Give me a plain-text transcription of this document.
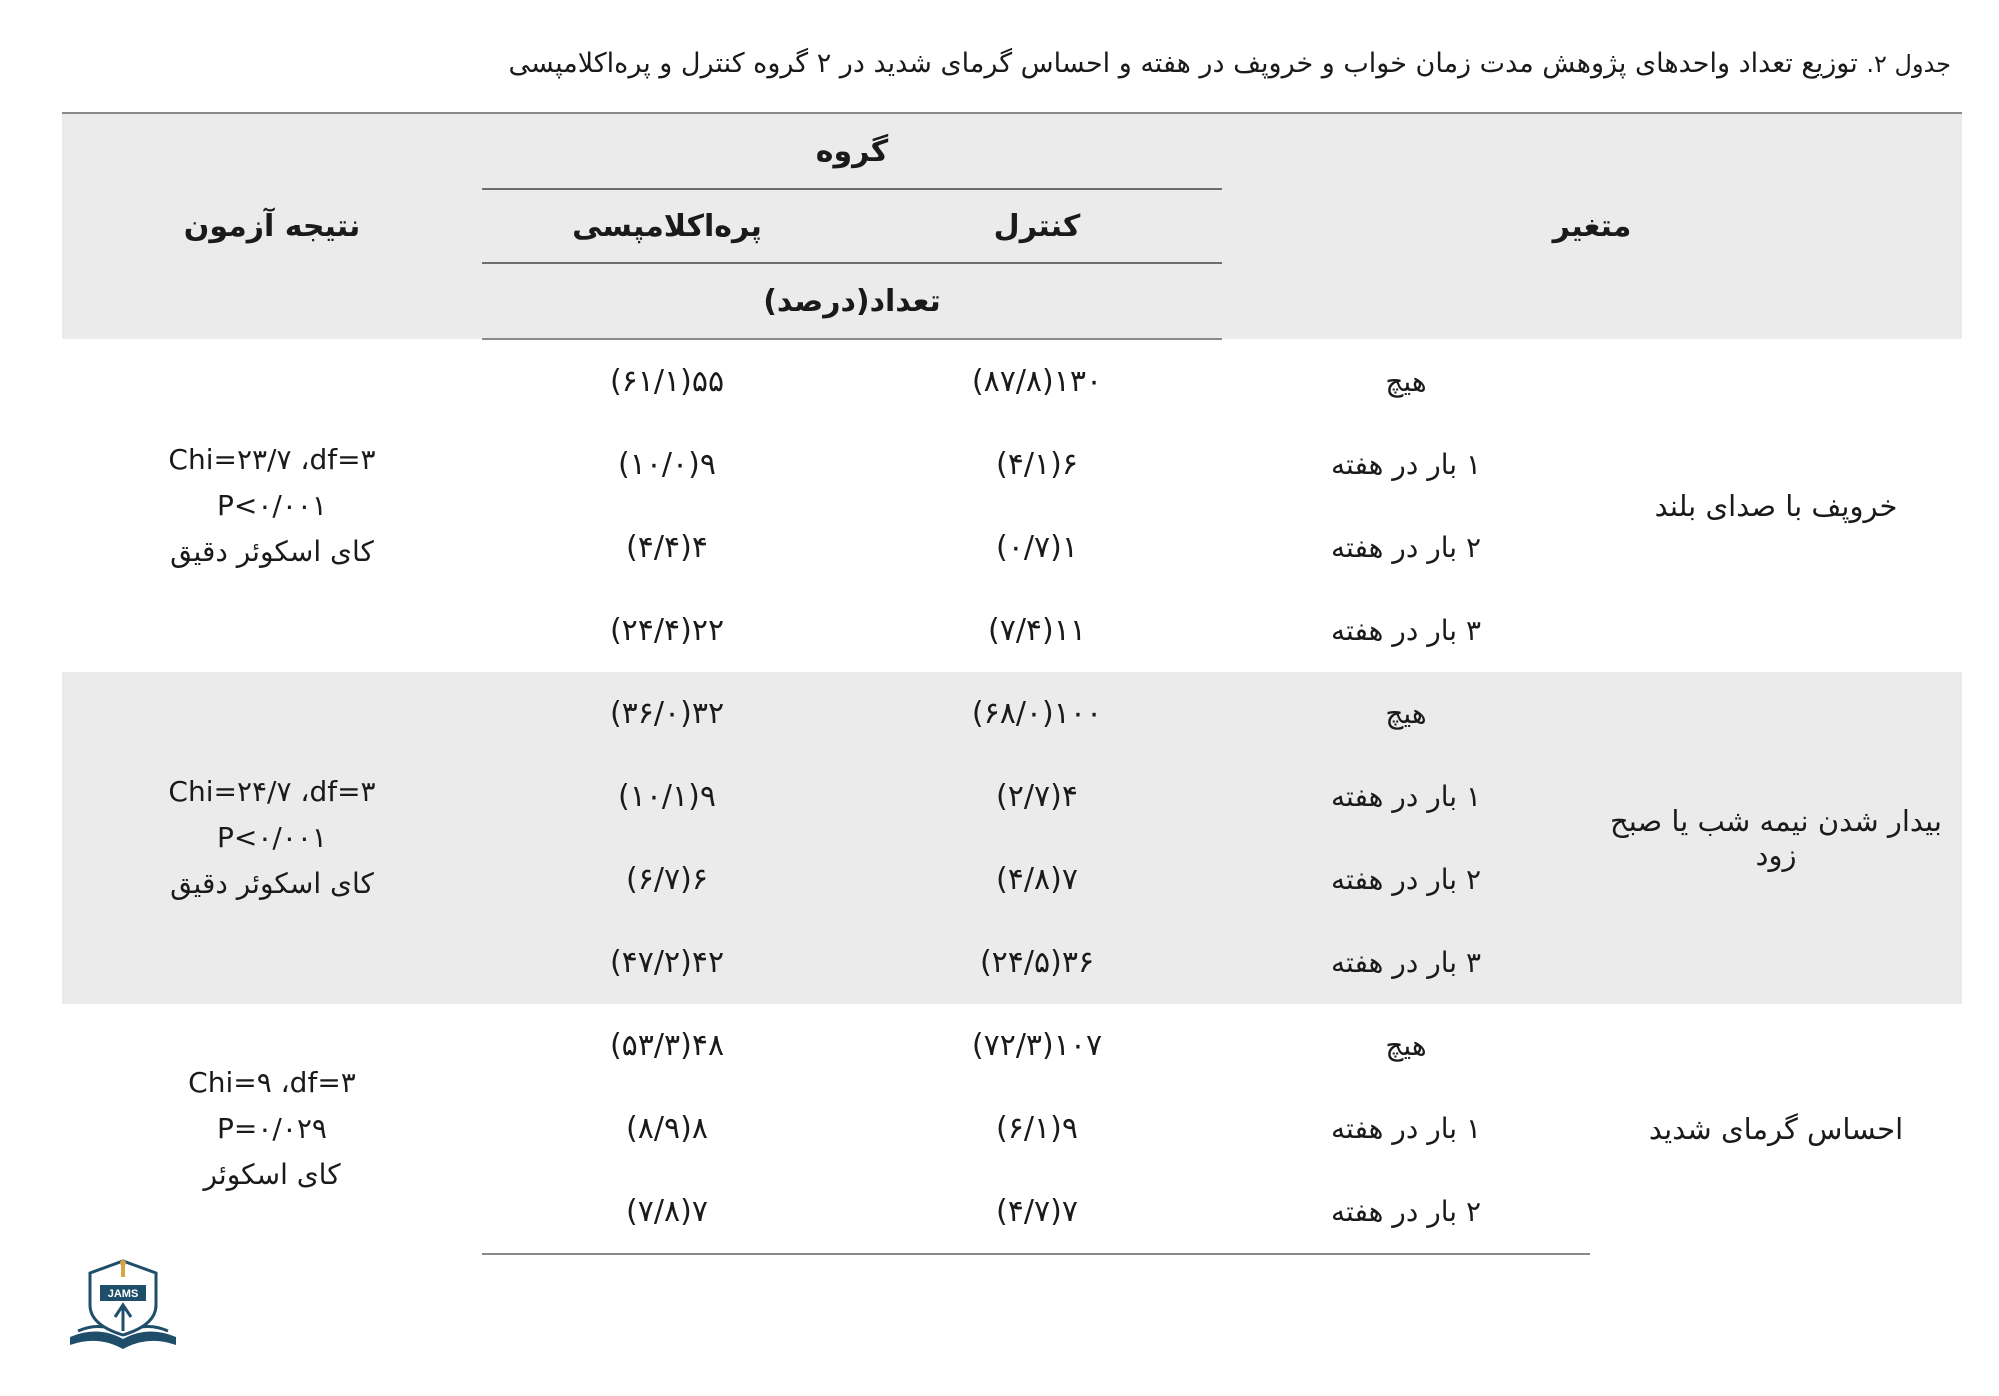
جدول ۲. توزیع تعداد واحدهای پژوهش مدت زمان خواب و خروپف در هفته و احساس گرمای شدید در ۲ گروه کنترل و پره‌اکلامپسی
متغیر		گروه		نتیجه آزمون
		کنترل	پره‌اکلامپسی	
		تعداد(درصد)		
خروپف با صدای بلند	هیچ	۱۳۰(۸۷/۸)	۵۵(۶۱/۱)	Chi=۲۳/۷ ،df=۳
P<۰/۰۰۱
کای اسکوئر دقیق

	۱ بار در هفته	۶(۴/۱)	۹(۱۰/۰)	
	۲ بار در هفته	۱(۰/۷)	۴(۴/۴)	
	۳ بار در هفته	۱۱(۷/۴)	۲۲(۲۴/۴)	
بیدار شدن نیمه شب یا صبح زود	هیچ	۱۰۰(۶۸/۰)	۳۲(۳۶/۰)	Chi=۲۴/۷ ،df=۳
P<۰/۰۰۱
کای اسکوئر دقیق

	۱ بار در هفته	۴(۲/۷)	۹(۱۰/۱)	
	۲ بار در هفته	۷(۴/۸)	۶(۶/۷)	
	۳ بار در هفته	۳۶(۲۴/۵)	۴۲(۴۷/۲)	
احساس گرمای شدید	هیچ	۱۰۷(۷۲/۳)	۴۸(۵۳/۳)	Chi=۹ ،df=۳
P=۰/۰۲۹
کای اسکوئر

	۱ بار در هفته	۹(۶/۱)	۸(۸/۹)	
	۲ بار در هفته	۷(۴/۷)	۷(۷/۸)	
JAMS
